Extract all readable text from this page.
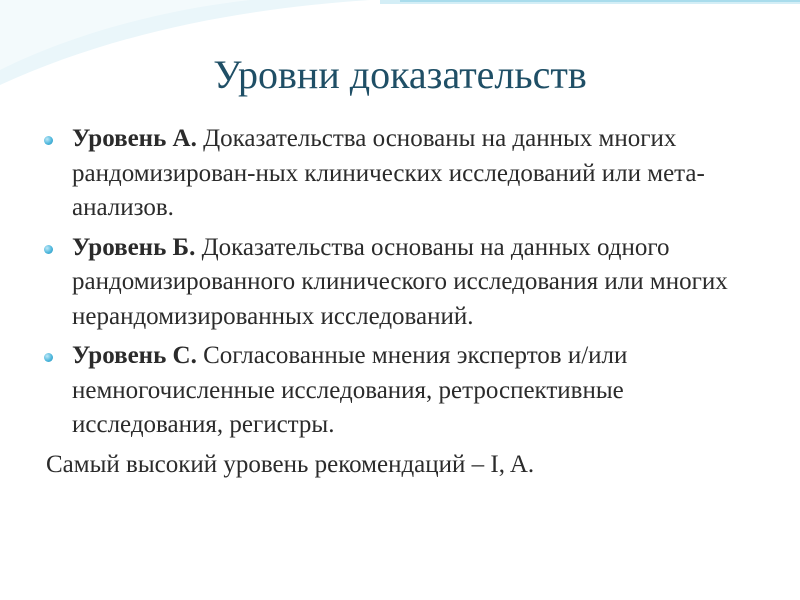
Уровни доказательств
Уровень А. Доказательства основаны на данных многих рандомизирован-ных клинических исследований или мета-анализов.
Уровень Б. Доказательства основаны на данных одного рандомизированного клинического исследования или многих нерандомизированных исследований.
Уровень С. Согласованные мнения экспертов и/или немногочисленные исследования, ретроспективные исследования, регистры.
Самый высокий уровень рекомендаций – I, A.
